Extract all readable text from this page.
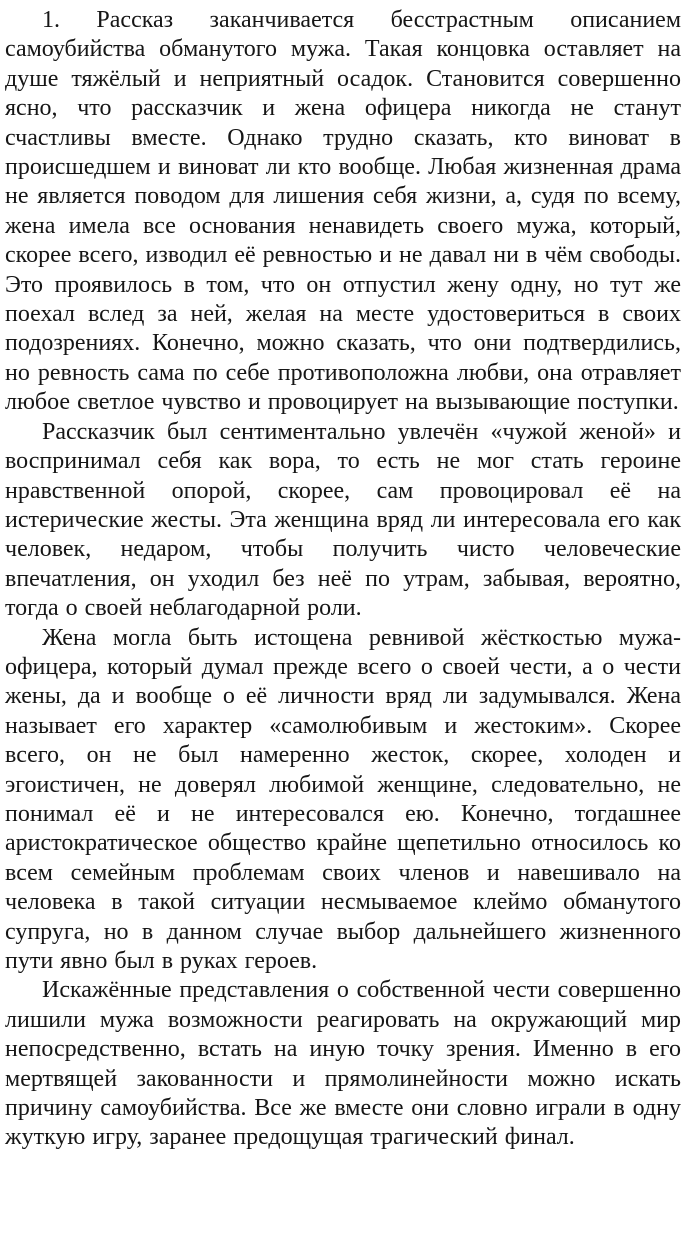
1. Рассказ заканчивается бесстрастным описанием самоубийства обманутого мужа. Такая концовка оставляет на душе тяжёлый и неприятный осадок. Становится совершенно ясно, что рассказчик и жена офицера никогда не станут счастливы вместе. Однако трудно сказать, кто виноват в происшедшем и виноват ли кто вообще. Любая жизненная драма не является поводом для лишения себя жизни, а, судя по всему, жена имела все основания ненавидеть своего мужа, который, скорее всего, изводил её ревностью и не давал ни в чём свободы. Это проявилось в том, что он отпустил жену одну, но тут же поехал вслед за ней, желая на месте удостовериться в своих подозрениях. Конечно, можно сказать, что они подтвердились, но ревность сама по себе противоположна любви, она отравляет любое светлое чувство и провоцирует на вызывающие поступки.

Рассказчик был сентиментально увлечён «чужой женой» и воспринимал себя как вора, то есть не мог стать героине нравственной опорой, скорее, сам провоцировал её на истерические жесты. Эта женщина вряд ли интересовала его как человек, недаром, чтобы получить чисто человеческие впечатления, он уходил без неё по утрам, забывая, вероятно, тогда о своей неблагодарной роли.

Жена могла быть истощена ревнивой жёсткостью мужа-офицера, который думал прежде всего о своей чести, а о чести жены, да и вообще о её личности вряд ли задумывался. Жена называет его характер «самолюбивым и жестоким». Скорее всего, он не был намеренно жесток, скорее, холоден и эгоистичен, не доверял любимой женщине, следовательно, не понимал её и не интересовался ею. Конечно, тогдашнее аристократическое общество крайне щепетильно относилось ко всем семейным проблемам своих членов и навешивало на человека в такой ситуации несмываемое клеймо обманутого супруга, но в данном случае выбор дальнейшего жизненного пути явно был в руках героев.

Искажённые представления о собственной чести совершенно лишили мужа возможности реагировать на окружающий мир непосредственно, встать на иную точку зрения. Именно в его мертвящей закованности и прямолинейности можно искать причину самоубийства. Все же вместе они словно играли в одну жуткую игру, заранее предощущая трагический финал.
